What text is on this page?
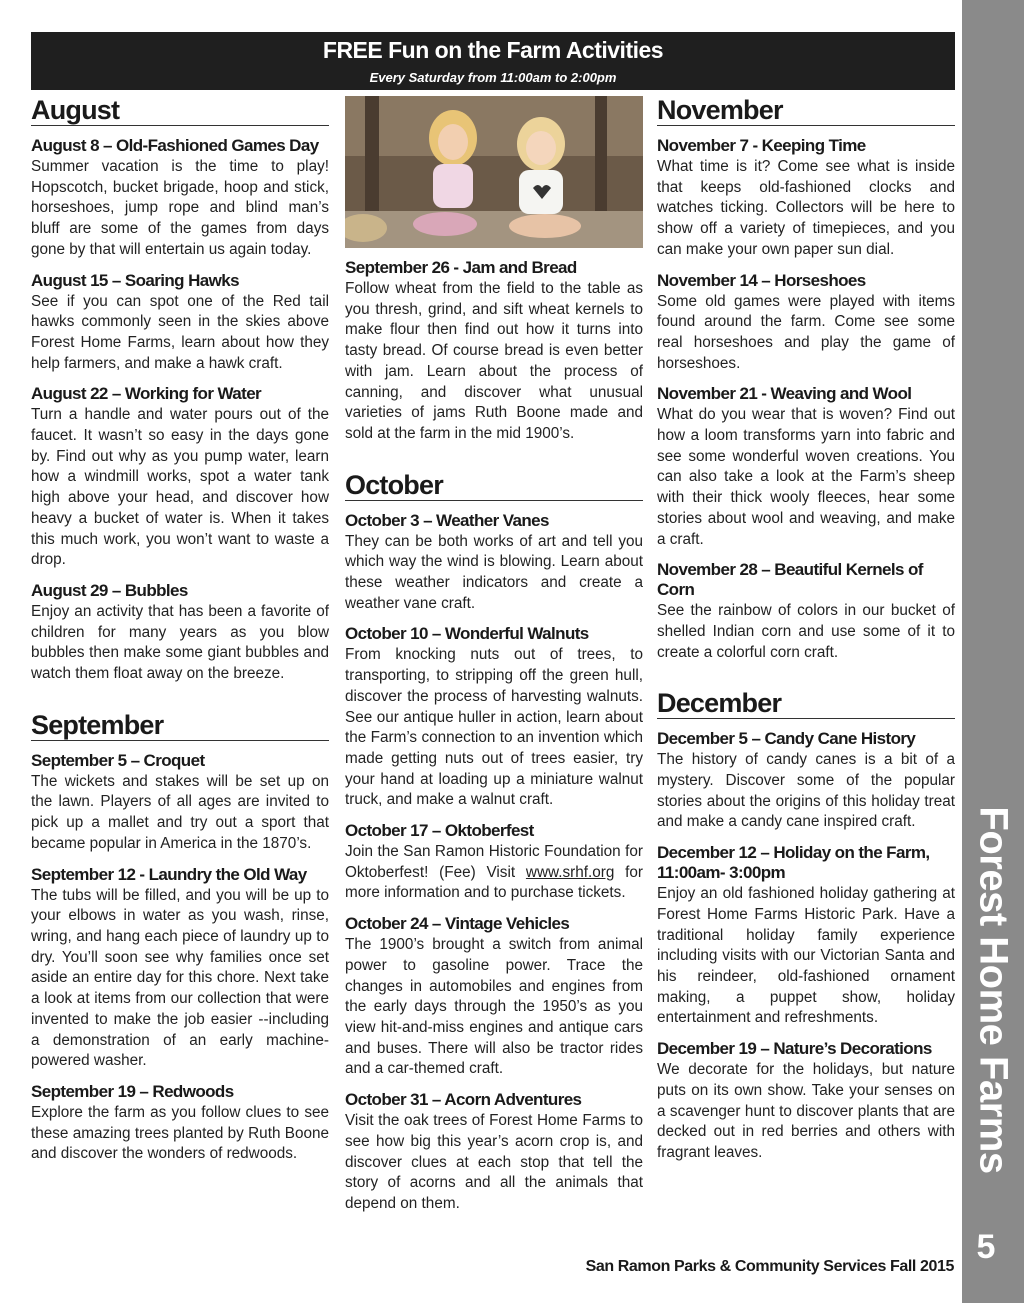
FREE Fun on the Farm Activities
Every Saturday from 11:00am to 2:00pm
August
August 8 – Old-Fashioned Games Day

Summer vacation is the time to play! Hopscotch, bucket brigade, hoop and stick, horseshoes, jump rope and blind man’s bluff are some of the games from days gone by that will entertain us again today.

August 15 – Soaring Hawks

See if you can spot one of the Red tail hawks commonly seen in the skies above Forest Home Farms, learn about how they help farmers, and make a hawk craft.

August 22 – Working for Water

Turn a handle and water pours out of the faucet. It wasn’t so easy in the days gone by. Find out why as you pump water, learn how a windmill works, spot a water tank high above your head, and discover how heavy a bucket of water is. When it takes this much work, you won’t want to waste a drop.

August 29 – Bubbles

Enjoy an activity that has been a favorite of children for many years as you blow bubbles then make some giant bubbles and watch them float away on the breeze.

September
September 5 – Croquet

The wickets and stakes will be set up on the lawn. Players of all ages are invited to pick up a mallet and try out a sport that became popular in America in the 1870’s.

September 12 - Laundry the Old Way

The tubs will be filled, and you will be up to your elbows in water as you wash, rinse, wring, and hang each piece of laundry up to dry. You’ll soon see why families once set aside an entire day for this chore. Next take a look at items from our collection that were invented to make the job easier --including a demonstration of an early machine-powered washer.

September 19 – Redwoods

Explore the farm as you follow clues to see these amazing trees planted by Ruth Boone and discover the wonders of redwoods.

September 26 - Jam and Bread

Follow wheat from the field to the table as you thresh, grind, and sift wheat kernels to make flour then find out how it turns into tasty bread. Of course bread is even better with jam. Learn about the process of canning, and discover what unusual varieties of jams Ruth Boone made and sold at the farm in the mid 1900’s.

October
October 3 – Weather Vanes

They can be both works of art and tell you which way the wind is blowing. Learn about these weather indicators and create a weather vane craft.

October 10 – Wonderful Walnuts

From knocking nuts out of trees, to transporting, to stripping off the green hull, discover the process of harvesting walnuts. See our antique huller in action, learn about the Farm’s connection to an invention which made getting nuts out of trees easier, try your hand at loading up a miniature walnut truck, and make a walnut craft.

October 17 – Oktoberfest

Join the San Ramon Historic Foundation for Oktoberfest! (Fee) Visit www.srhf.org for more information and to purchase tickets.

October 24 – Vintage Vehicles

The 1900’s brought a switch from animal power to gasoline power. Trace the changes in automobiles and engines from the early days through the 1950’s as you view hit-and-miss engines and antique cars and buses. There will also be tractor rides and a car-themed craft.

October 31 – Acorn Adventures

Visit the oak trees of Forest Home Farms to see how big this year’s acorn crop is, and discover clues at each stop that tell the story of acorns and all the animals that depend on them.

November
November 7 - Keeping Time

What time is it? Come see what is inside that keeps old-fashioned clocks and watches ticking. Collectors will be here to show off a variety of timepieces, and you can make your own paper sun dial.

November 14 – Horseshoes

Some old games were played with items found around the farm. Come see some real horseshoes and play the game of horseshoes.

November 21 - Weaving and Wool

What do you wear that is woven? Find out how a loom transforms yarn into fabric and see some wonderful woven creations. You can also take a look at the Farm’s sheep with their thick wooly fleeces, hear some stories about wool and weaving, and make a craft.

November 28 – Beautiful Kernels of Corn

See the rainbow of colors in our bucket of shelled Indian corn and use some of it to create a colorful corn craft.

December
December 5 – Candy Cane History

The history of candy canes is a bit of a mystery. Discover some of the popular stories about the origins of this holiday treat and make a candy cane inspired craft.

December 12 – Holiday on the Farm, 11:00am- 3:00pm

Enjoy an old fashioned holiday gathering at Forest Home Farms Historic Park. Have a traditional holiday family experience including visits with our Victorian Santa and his reindeer, old-fashioned ornament making, a puppet show, holiday entertainment and refreshments.

December 19 – Nature’s Decorations

We decorate for the holidays, but nature puts on its own show. Take your senses on a scavenger hunt to discover plants that are decked out in red berries and others with fragrant leaves.	Forest Home Farms
5
San Ramon Parks & Community Services Fall 2015
